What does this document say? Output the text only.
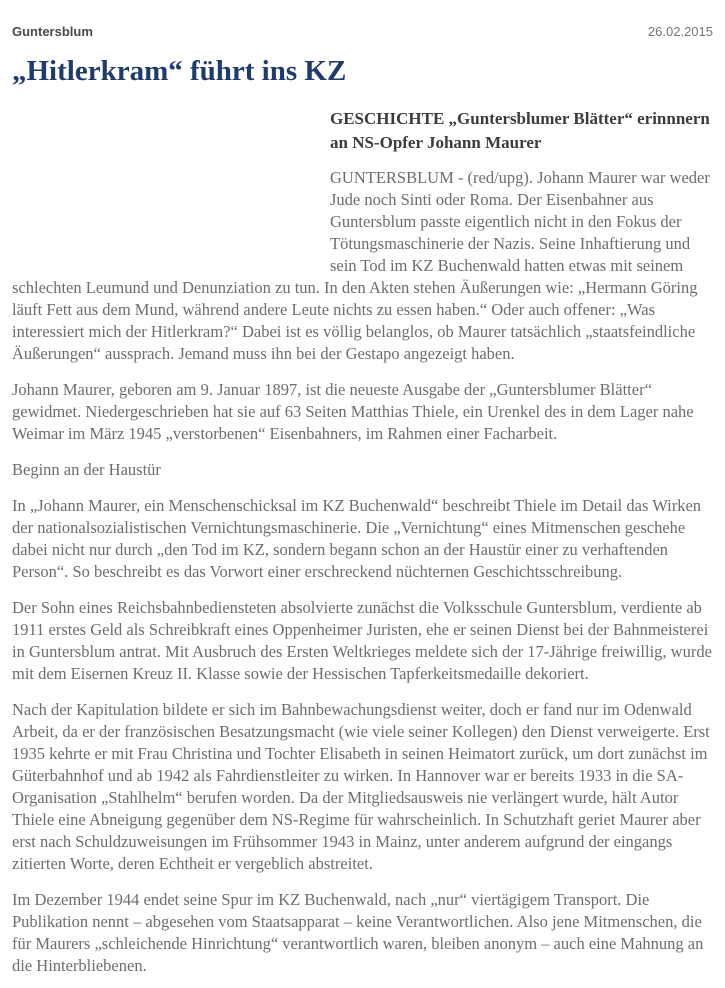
Guntersblum	26.02.2015
„Hitlerkram“ führt ins KZ
GESCHICHTE „Guntersblumer Blätter“ erinnnern an NS-Opfer Johann Maurer

GUNTERSBLUM - (red/upg). Johann Maurer war weder Jude noch Sinti oder Roma. Der Eisenbahner aus Guntersblum passte eigentlich nicht in den Fokus der Tötungsmaschinerie der Nazis. Seine Inhaftierung und sein Tod im KZ Buchenwald hatten etwas mit seinem schlechten Leumund und Denunziation zu tun. In den Akten stehen Äußerungen wie: „Hermann Göring läuft Fett aus dem Mund, während andere Leute nichts zu essen haben.“ Oder auch offener: „Was interessiert mich der Hitlerkram?“ Dabei ist es völlig belanglos, ob Maurer tatsächlich „staatsfeindliche Äußerungen“ aussprach. Jemand muss ihn bei der Gestapo angezeigt haben.

Johann Maurer, geboren am 9. Januar 1897, ist die neueste Ausgabe der „Guntersblumer Blätter“ gewidmet. Niedergeschrieben hat sie auf 63 Seiten Matthias Thiele, ein Urenkel des in dem Lager nahe Weimar im März 1945 „verstorbenen“ Eisenbahners, im Rahmen einer Facharbeit.

Beginn an der Haustür

In „Johann Maurer, ein Menschenschicksal im KZ Buchenwald“ beschreibt Thiele im Detail das Wirken der nationalsozialistischen Vernichtungsmaschinerie. Die „Vernichtung“ eines Mitmenschen geschehe dabei nicht nur durch „den Tod im KZ, sondern begann schon an der Haustür einer zu verhaftenden Person“. So beschreibt es das Vorwort einer erschreckend nüchternen Geschichtsschreibung.

Der Sohn eines Reichsbahnbediensteten absolvierte zunächst die Volksschule Guntersblum, verdiente ab 1911 erstes Geld als Schreibkraft eines Oppenheimer Juristen, ehe er seinen Dienst bei der Bahnmeisterei in Guntersblum antrat. Mit Ausbruch des Ersten Weltkrieges meldete sich der 17-Jährige freiwillig, wurde mit dem Eisernen Kreuz II. Klasse sowie der Hessischen Tapferkeitsmedaille dekoriert.

Nach der Kapitulation bildete er sich im Bahnbewachungsdienst weiter, doch er fand nur im Odenwald Arbeit, da er der französischen Besatzungsmacht (wie viele seiner Kollegen) den Dienst verweigerte. Erst 1935 kehrte er mit Frau Christina und Tochter Elisabeth in seinen Heimatort zurück, um dort zunächst im Güterbahnhof und ab 1942 als Fahrdienstleiter zu wirken. In Hannover war er bereits 1933 in die SA-Organisation „Stahlhelm“ berufen worden. Da der Mitgliedsausweis nie verlängert wurde, hält Autor Thiele eine Abneigung gegenüber dem NS-Regime für wahrscheinlich. In Schutzhaft geriet Maurer aber erst nach Schuldzuweisungen im Frühsommer 1943 in Mainz, unter anderem aufgrund der eingangs zitierten Worte, deren Echtheit er vergeblich abstreitet.

Im Dezember 1944 endet seine Spur im KZ Buchenwald, nach „nur“ viertägigem Transport. Die Publikation nennt – abgesehen vom Staatsapparat – keine Verantwortlichen. Also jene Mitmenschen, die für Maurers „schleichende Hinrichtung“ verantwortlich waren, bleiben anonym – auch eine Mahnung an die Hinterbliebenen.
